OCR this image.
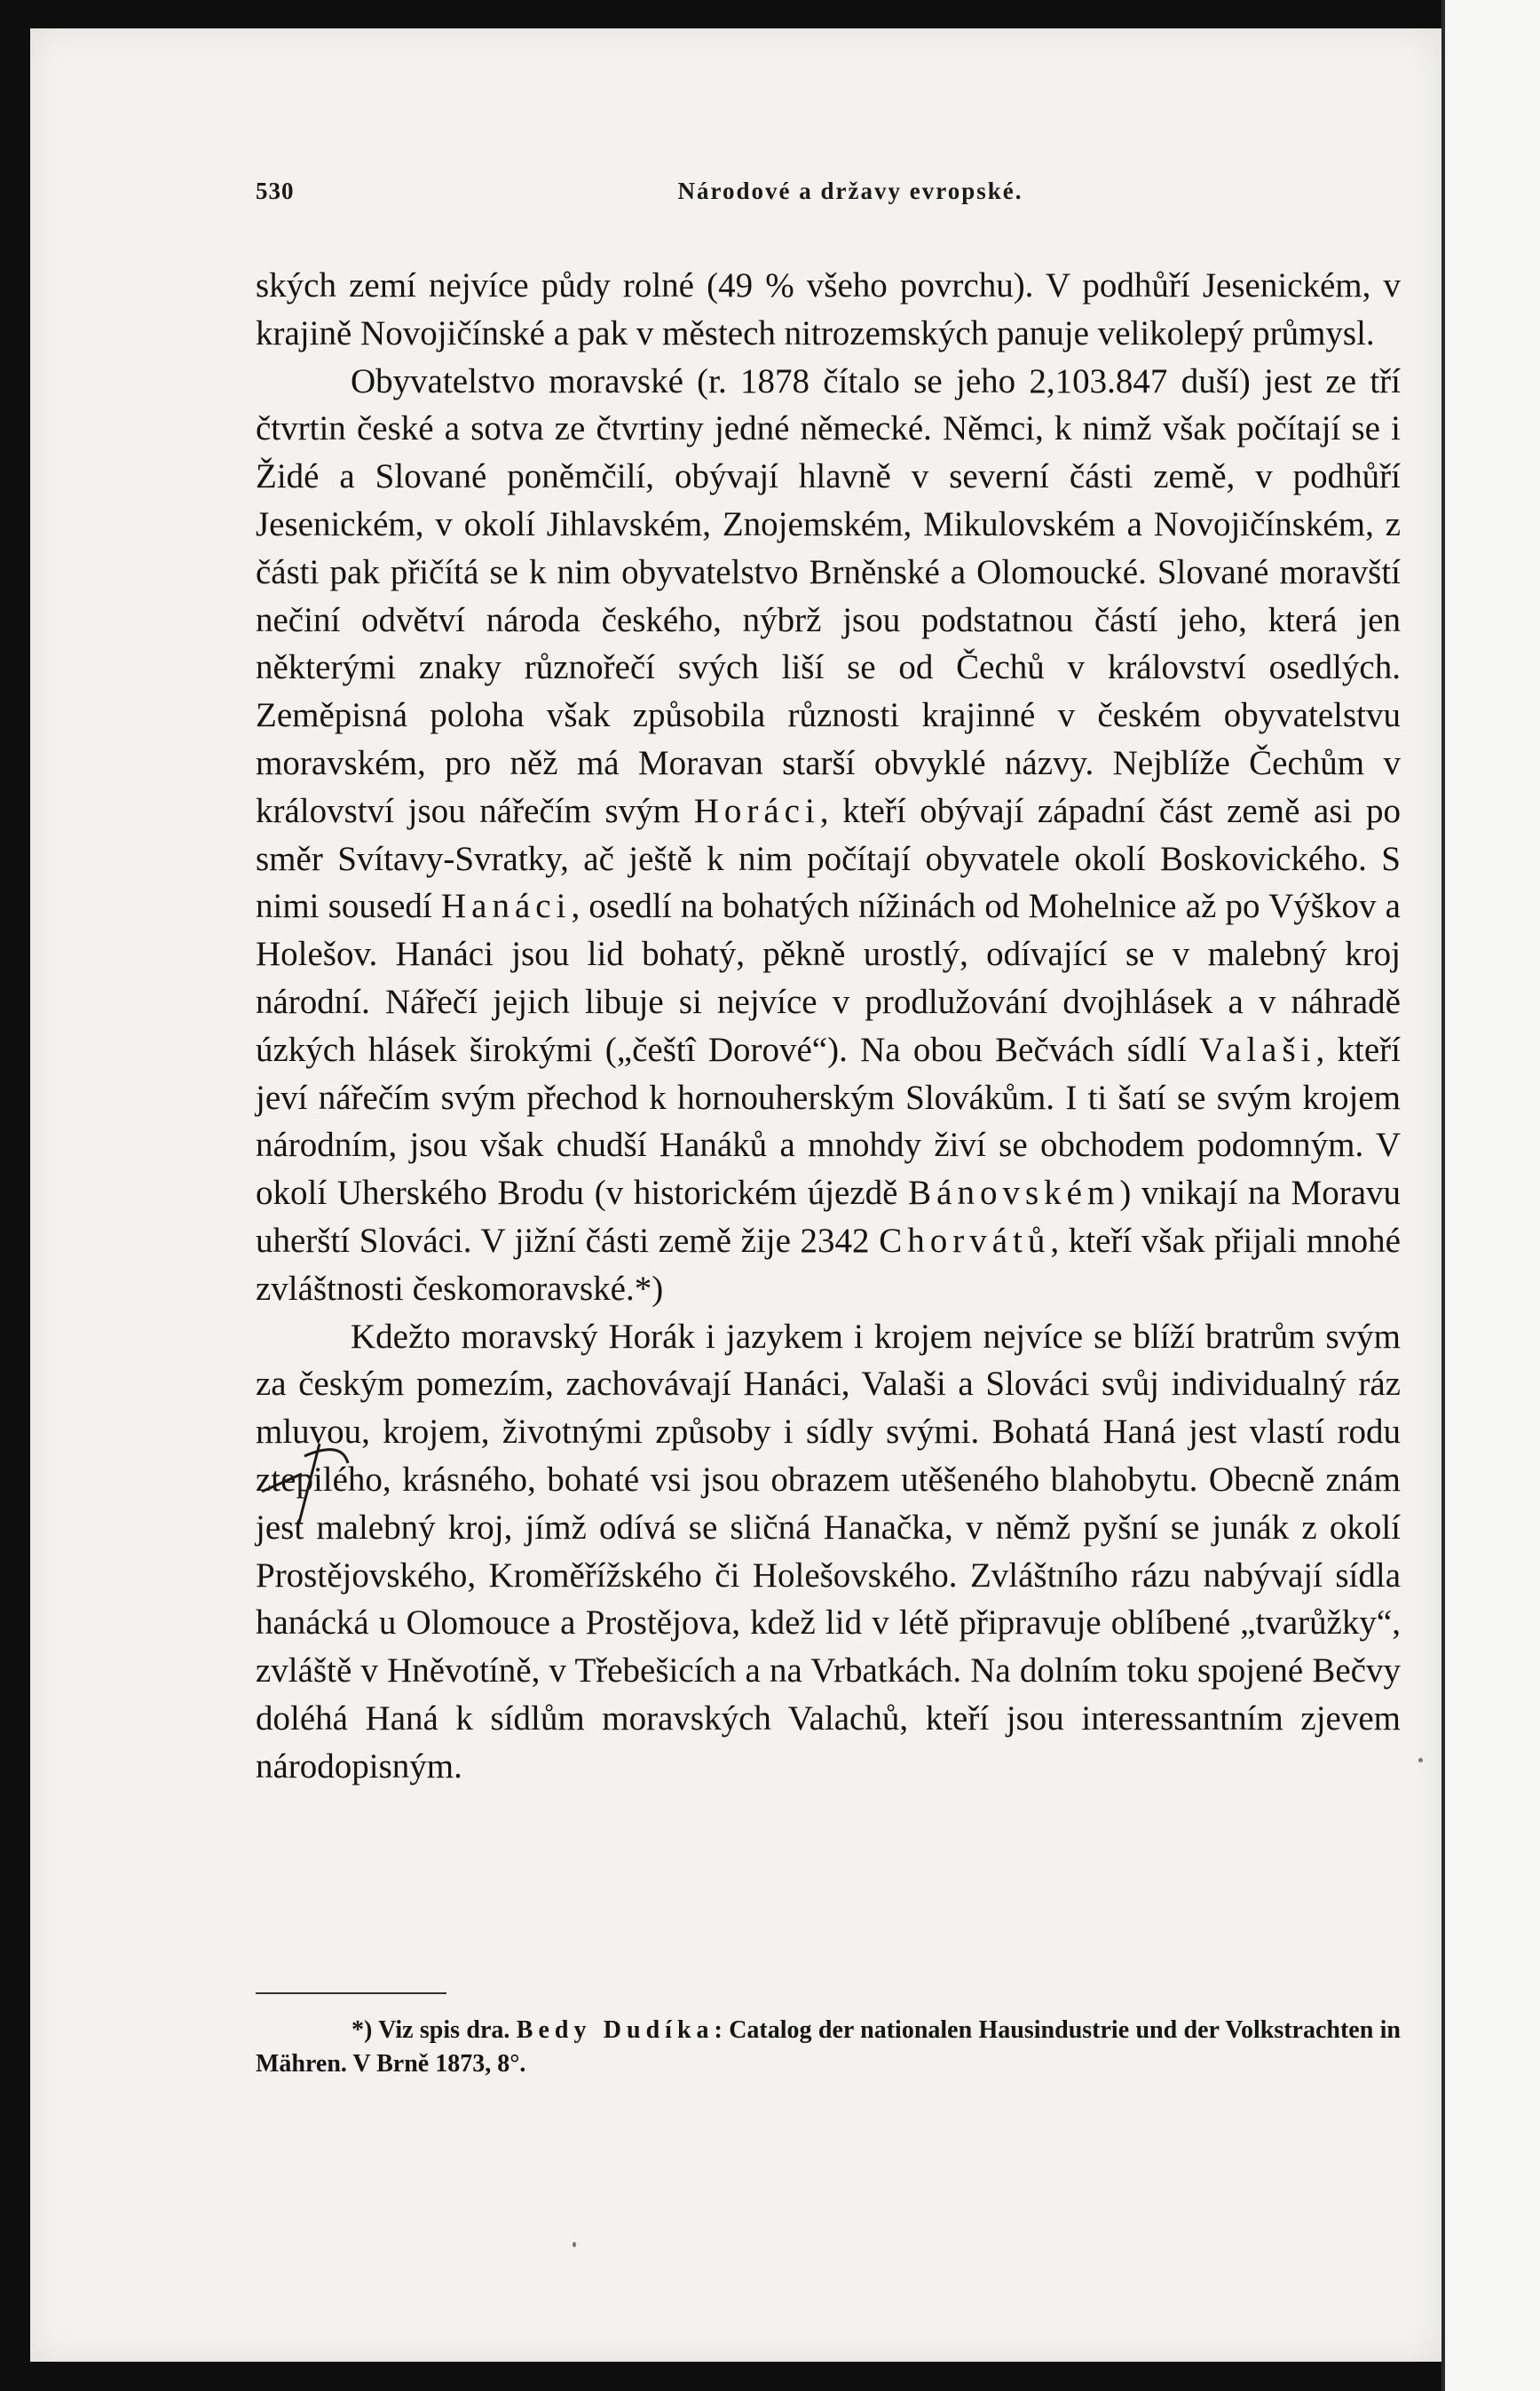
530	Národové a državy evropské.

ských zemí nejvíce půdy rolné (49 % všeho povrchu). V podhůří Jesenickém, v krajině Novojičínské a pak v městech nitrozemských panuje velikolepý průmysl.

Obyvatelstvo moravské (r. 1878 čítalo se jeho 2,103.847 duší) jest ze tří čtvrtin české a sotva ze čtvrtiny jedné německé. Němci, k nimž však počítají se i Židé a Slované poněmčilí, obývají hlavně v severní části země, v podhůří Jesenickém, v okolí Jihlavském, Znojemském, Mikulovském a Novojičínském, z části pak přičítá se k nim obyvatelstvo Brněnské a Olomoucké. Slované moravští nečiní odvětví národa českého, nýbrž jsou podstatnou částí jeho, která jen některými znaky různořečí svých liší se od Čechů v království osedlých. Zeměpisná poloha však způsobila různosti krajinné v českém obyvatelstvu moravském, pro něž má Moravan starší obvyklé názvy. Nejblíže Čechům v království jsou nářečím svým Horáci, kteří obývají západní část země asi po směr Svítavy-Svratky, ač ještě k nim počítají obyvatele okolí Boskovického. S nimi sousedí Hanáci, osedlí na bohatých nížinách od Mohelnice až po Výškov a Holešov. Hanáci jsou lid bohatý, pěkně urostlý, odívající se v malebný kroj národní. Nářečí jejich libuje si nejvíce v prodlužování dvojhlásek a v náhradě úzkých hlásek širokými („češtî Dorové“). Na obou Bečvách sídlí Valaši, kteří jeví nářečím svým přechod k hornouherským Slovákům. I ti šatí se svým krojem národním, jsou však chudší Hanáků a mnohdy živí se obchodem podomným. V okolí Uherského Brodu (v historickém újezdě Bánovském) vnikají na Moravu uherští Slováci. V jižní části země žije 2342 Chorvátů, kteří však přijali mnohé zvláštnosti českomoravské.*)

Kdežto moravský Horák i jazykem i krojem nejvíce se blíží bratrům svým za českým pomezím, zachovávají Hanáci, Valaši a Slováci svůj individualný ráz mluvou, krojem, životnými způsoby i sídly svými. Bohatá Haná jest vlastí rodu ztepilého, krásného, bohaté vsi jsou obrazem utěšeného blahobytu. Obecně znám jest malebný kroj, jímž odívá se sličná Hanačka, v němž pyšní se junák z okolí Prostějovského, Kroměřížského či Holešovského. Zvláštního rázu nabývají sídla hanácká u Olomouce a Prostějova, kdež lid v létě připravuje oblíbené „tvarůžky“, zvláště v Hněvotíně, v Třebešicích a na Vrbatkách. Na dolním toku spojené Bečvy doléhá Haná k sídlům moravských Valachů, kteří jsou interessantním zjevem národopisným.

*) Viz spis dra. Bedy Dudíka: Catalog der nationalen Hausindustrie und der Volkstrachten in Mähren. V Brně 1873, 8°.
